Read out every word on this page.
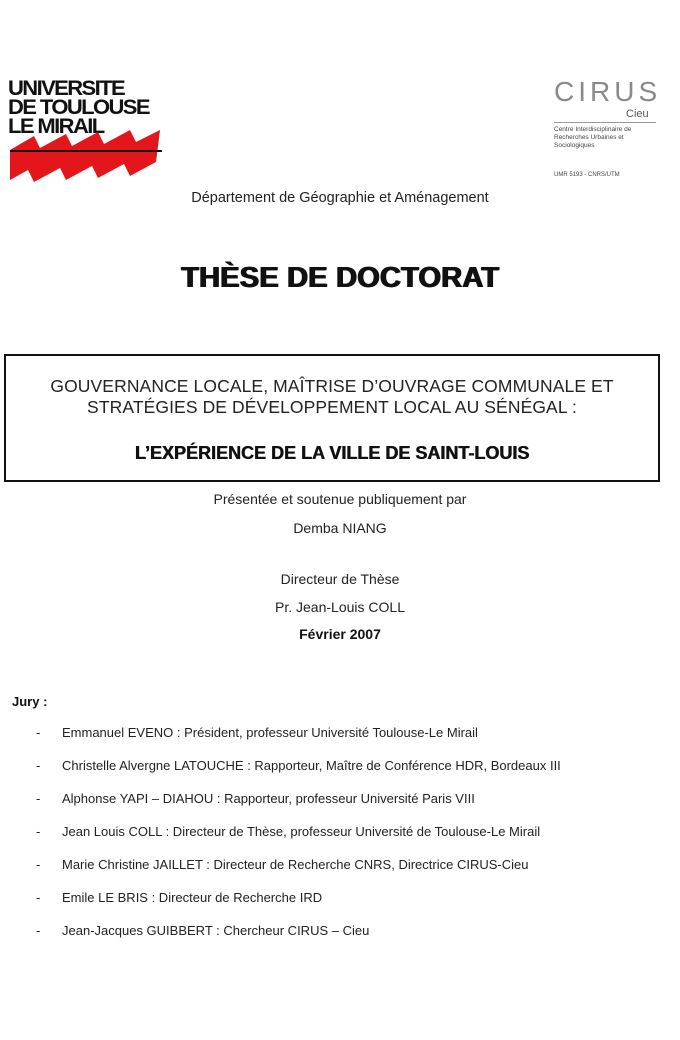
UNIVERSITE
DE TOULOUSE
LE MIRAIL
CIRUS
Cieu
Centre Interdisciplinaire de Recherches Urbaines et Sociologiques
UMR 5193 - CNRS/UTM
Département de Géographie et Aménagement
THÈSE DE DOCTORAT
GOUVERNANCE LOCALE, MAÎTRISE D’OUVRAGE COMMUNALE ET
STRATÉGIES DE DÉVELOPPEMENT LOCAL AU SÉNÉGAL :
L’EXPÉRIENCE DE LA VILLE DE SAINT-LOUIS
Présentée et soutenue publiquement par
Demba NIANG
Directeur de Thèse
Pr. Jean-Louis COLL
Février 2007
Jury :
- Emmanuel EVENO : Président, professeur Université Toulouse-Le Mirail
- Christelle Alvergne LATOUCHE : Rapporteur, Maître de Conférence HDR, Bordeaux III
- Alphonse YAPI – DIAHOU : Rapporteur, professeur Université Paris VIII
- Jean Louis COLL : Directeur de Thèse, professeur Université de Toulouse-Le Mirail
- Marie Christine JAILLET : Directeur de Recherche CNRS, Directrice CIRUS-Cieu
- Emile LE BRIS : Directeur de Recherche IRD
- Jean-Jacques GUIBBERT : Chercheur CIRUS – Cieu
